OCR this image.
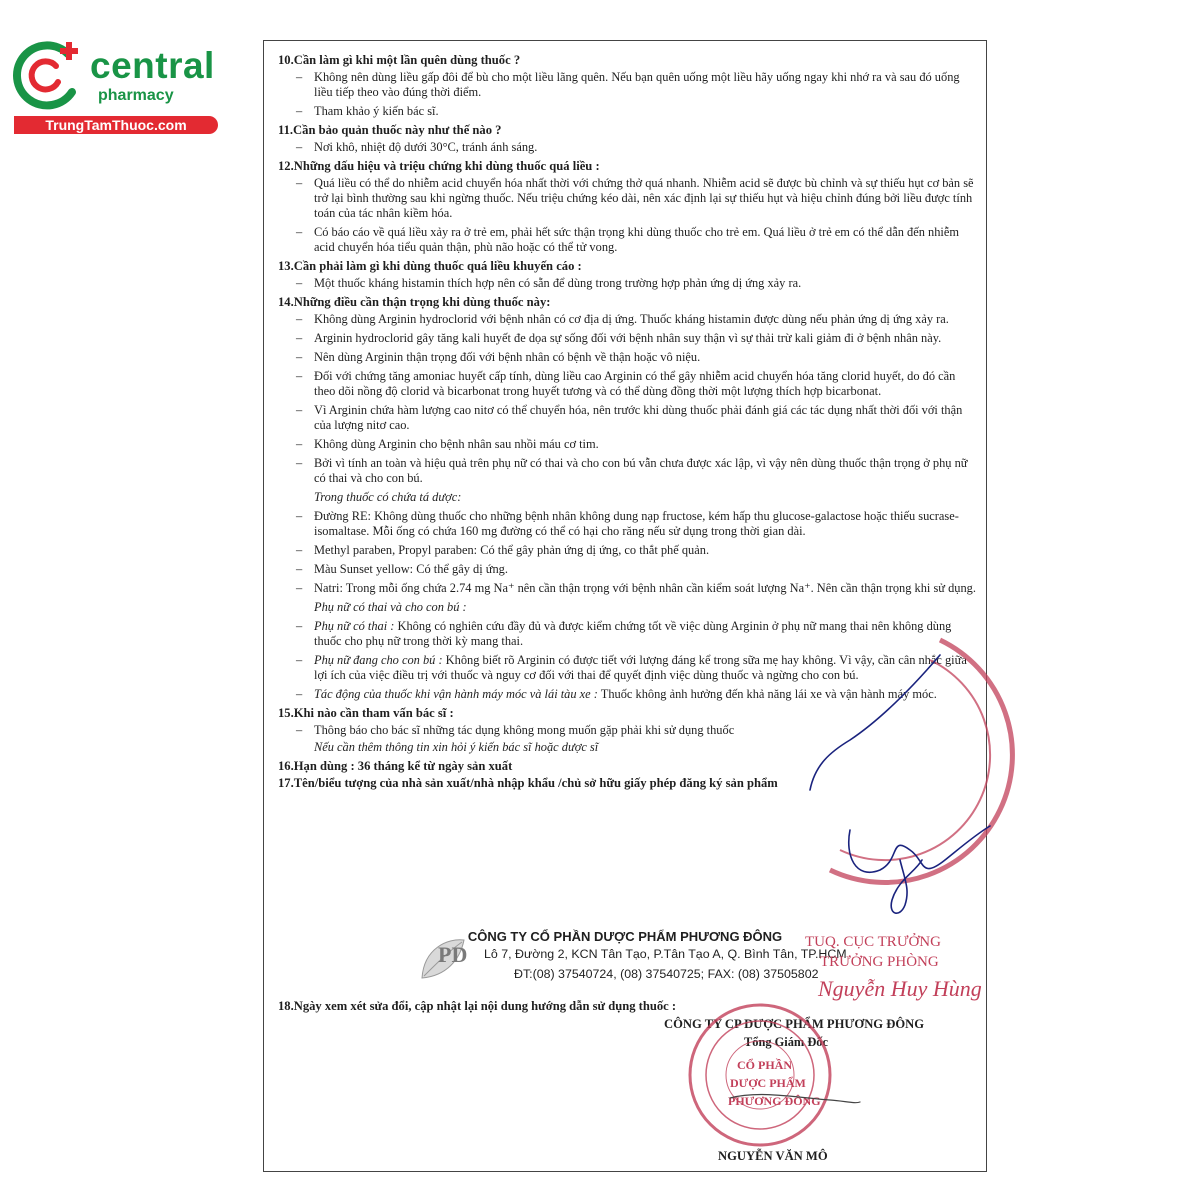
central
pharmacy
TrungTamThuoc.com
10.Cần làm gì khi một lần quên dùng thuốc ?
– Không nên dùng liều gấp đôi để bù cho một liều lãng quên. Nếu bạn quên uống một liều hãy uống ngay khi nhớ ra và sau đó uống liều tiếp theo vào đúng thời điểm.
– Tham khảo ý kiến bác sĩ.
11.Cần bảo quản thuốc này như thế nào ?
– Nơi khô, nhiệt độ dưới 30°C, tránh ánh sáng.
12.Những dấu hiệu và triệu chứng khi dùng thuốc quá liều :
– Quá liều có thể do nhiễm acid chuyển hóa nhất thời với chứng thở quá nhanh. Nhiễm acid sẽ được bù chỉnh và sự thiếu hụt cơ bản sẽ trở lại bình thường sau khi ngừng thuốc. Nếu triệu chứng kéo dài, nên xác định lại sự thiếu hụt và hiệu chỉnh đúng bởi liều được tính toán của tác nhân kiềm hóa.
– Có báo cáo về quá liều xảy ra ở trẻ em, phải hết sức thận trọng khi dùng thuốc cho trẻ em. Quá liều ở trẻ em có thể dẫn đến nhiễm acid chuyển hóa tiểu quản thận, phù não hoặc có thể tử vong.
13.Cần phải làm gì khi dùng thuốc quá liều khuyến cáo :
– Một thuốc kháng histamin thích hợp nên có sẵn để dùng trong trường hợp phản ứng dị ứng xảy ra.
14.Những điều cần thận trọng khi dùng thuốc này:
– Không dùng Arginin hydroclorid với bệnh nhân có cơ địa dị ứng. Thuốc kháng histamin được dùng nếu phản ứng dị ứng xảy ra.
– Arginin hydroclorid gây tăng kali huyết đe dọa sự sống đối với bệnh nhân suy thận vì sự thải trừ kali giảm đi ở bệnh nhân này.
– Nên dùng Arginin thận trọng đối với bệnh nhân có bệnh về thận hoặc vô niệu.
– Đối với chứng tăng amoniac huyết cấp tính, dùng liều cao Arginin có thể gây nhiễm acid chuyển hóa tăng clorid huyết, do đó cần theo dõi nồng độ clorid và bicarbonat trong huyết tương và có thể dùng đồng thời một lượng thích hợp bicarbonat.
– Vì Arginin chứa hàm lượng cao nitơ có thể chuyển hóa, nên trước khi dùng thuốc phải đánh giá các tác dụng nhất thời đối với thận của lượng nitơ cao.
– Không dùng Arginin cho bệnh nhân sau nhồi máu cơ tim.
– Bởi vì tính an toàn và hiệu quả trên phụ nữ có thai và cho con bú vẫn chưa được xác lập, vì vậy nên dùng thuốc thận trọng ở phụ nữ có thai và cho con bú.
Trong thuốc có chứa tá dược:
– Đường RE: Không dùng thuốc cho những bệnh nhân không dung nạp fructose, kém hấp thu glucose-galactose hoặc thiếu sucrase-isomaltase. Mỗi ống có chứa 160 mg đường có thể có hại cho răng nếu sử dụng trong thời gian dài.
– Methyl paraben, Propyl paraben: Có thể gây phản ứng dị ứng, co thắt phế quản.
– Màu Sunset yellow: Có thể gây dị ứng.
– Natri: Trong mỗi ống chứa 2.74 mg Na⁺ nên cần thận trọng với bệnh nhân cần kiểm soát lượng Na⁺. Nên cần thận trọng khi sử dụng.
Phụ nữ có thai và cho con bú :
– Phụ nữ có thai : Không có nghiên cứu đầy đủ và được kiểm chứng tốt về việc dùng Arginin ở phụ nữ mang thai nên không dùng thuốc cho phụ nữ trong thời kỳ mang thai.
– Phụ nữ đang cho con bú : Không biết rõ Arginin có được tiết với lượng đáng kể trong sữa mẹ hay không. Vì vậy, cần cân nhắc giữa lợi ích của việc điều trị với thuốc và nguy cơ đối với thai để quyết định việc dùng thuốc và ngừng cho con bú.
– Tác động của thuốc khi vận hành máy móc và lái tàu xe : Thuốc không ảnh hưởng đến khả năng lái xe và vận hành máy móc.
15.Khi nào cần tham vấn bác sĩ :
– Thông báo cho bác sĩ những tác dụng không mong muốn gặp phải khi sử dụng thuốc
Nếu cần thêm thông tin xin hỏi ý kiến bác sĩ hoặc dược sĩ
16.Hạn dùng : 36 tháng kể từ ngày sản xuất
17.Tên/biểu tượng của nhà sản xuất/nhà nhập khẩu /chủ sở hữu giấy phép đăng ký sản phẩm
PD
CÔNG TY CỔ PHẦN DƯỢC PHẨM PHƯƠNG ĐÔNG
Lô 7, Đường 2, KCN Tân Tạo, P.Tân Tạo A, Q. Bình Tân, TP.HCM
ĐT:(08) 37540724, (08) 37540725; FAX: (08) 37505802
18.Ngày xem xét sửa đổi, cập nhật lại nội dung hướng dẫn sử dụng thuốc :
CÔNG TY CP DƯỢC PHẨM PHƯƠNG ĐÔNG
Tổng Giám Đốc
NGUYỄN VĂN MÔ
TUQ. CỤC TRƯỞNG
TRƯỞNG PHÒNG
Nguyễn Huy Hùng
CỔ PHẦN
DƯỢC PHẨM
PHƯƠNG ĐÔNG
